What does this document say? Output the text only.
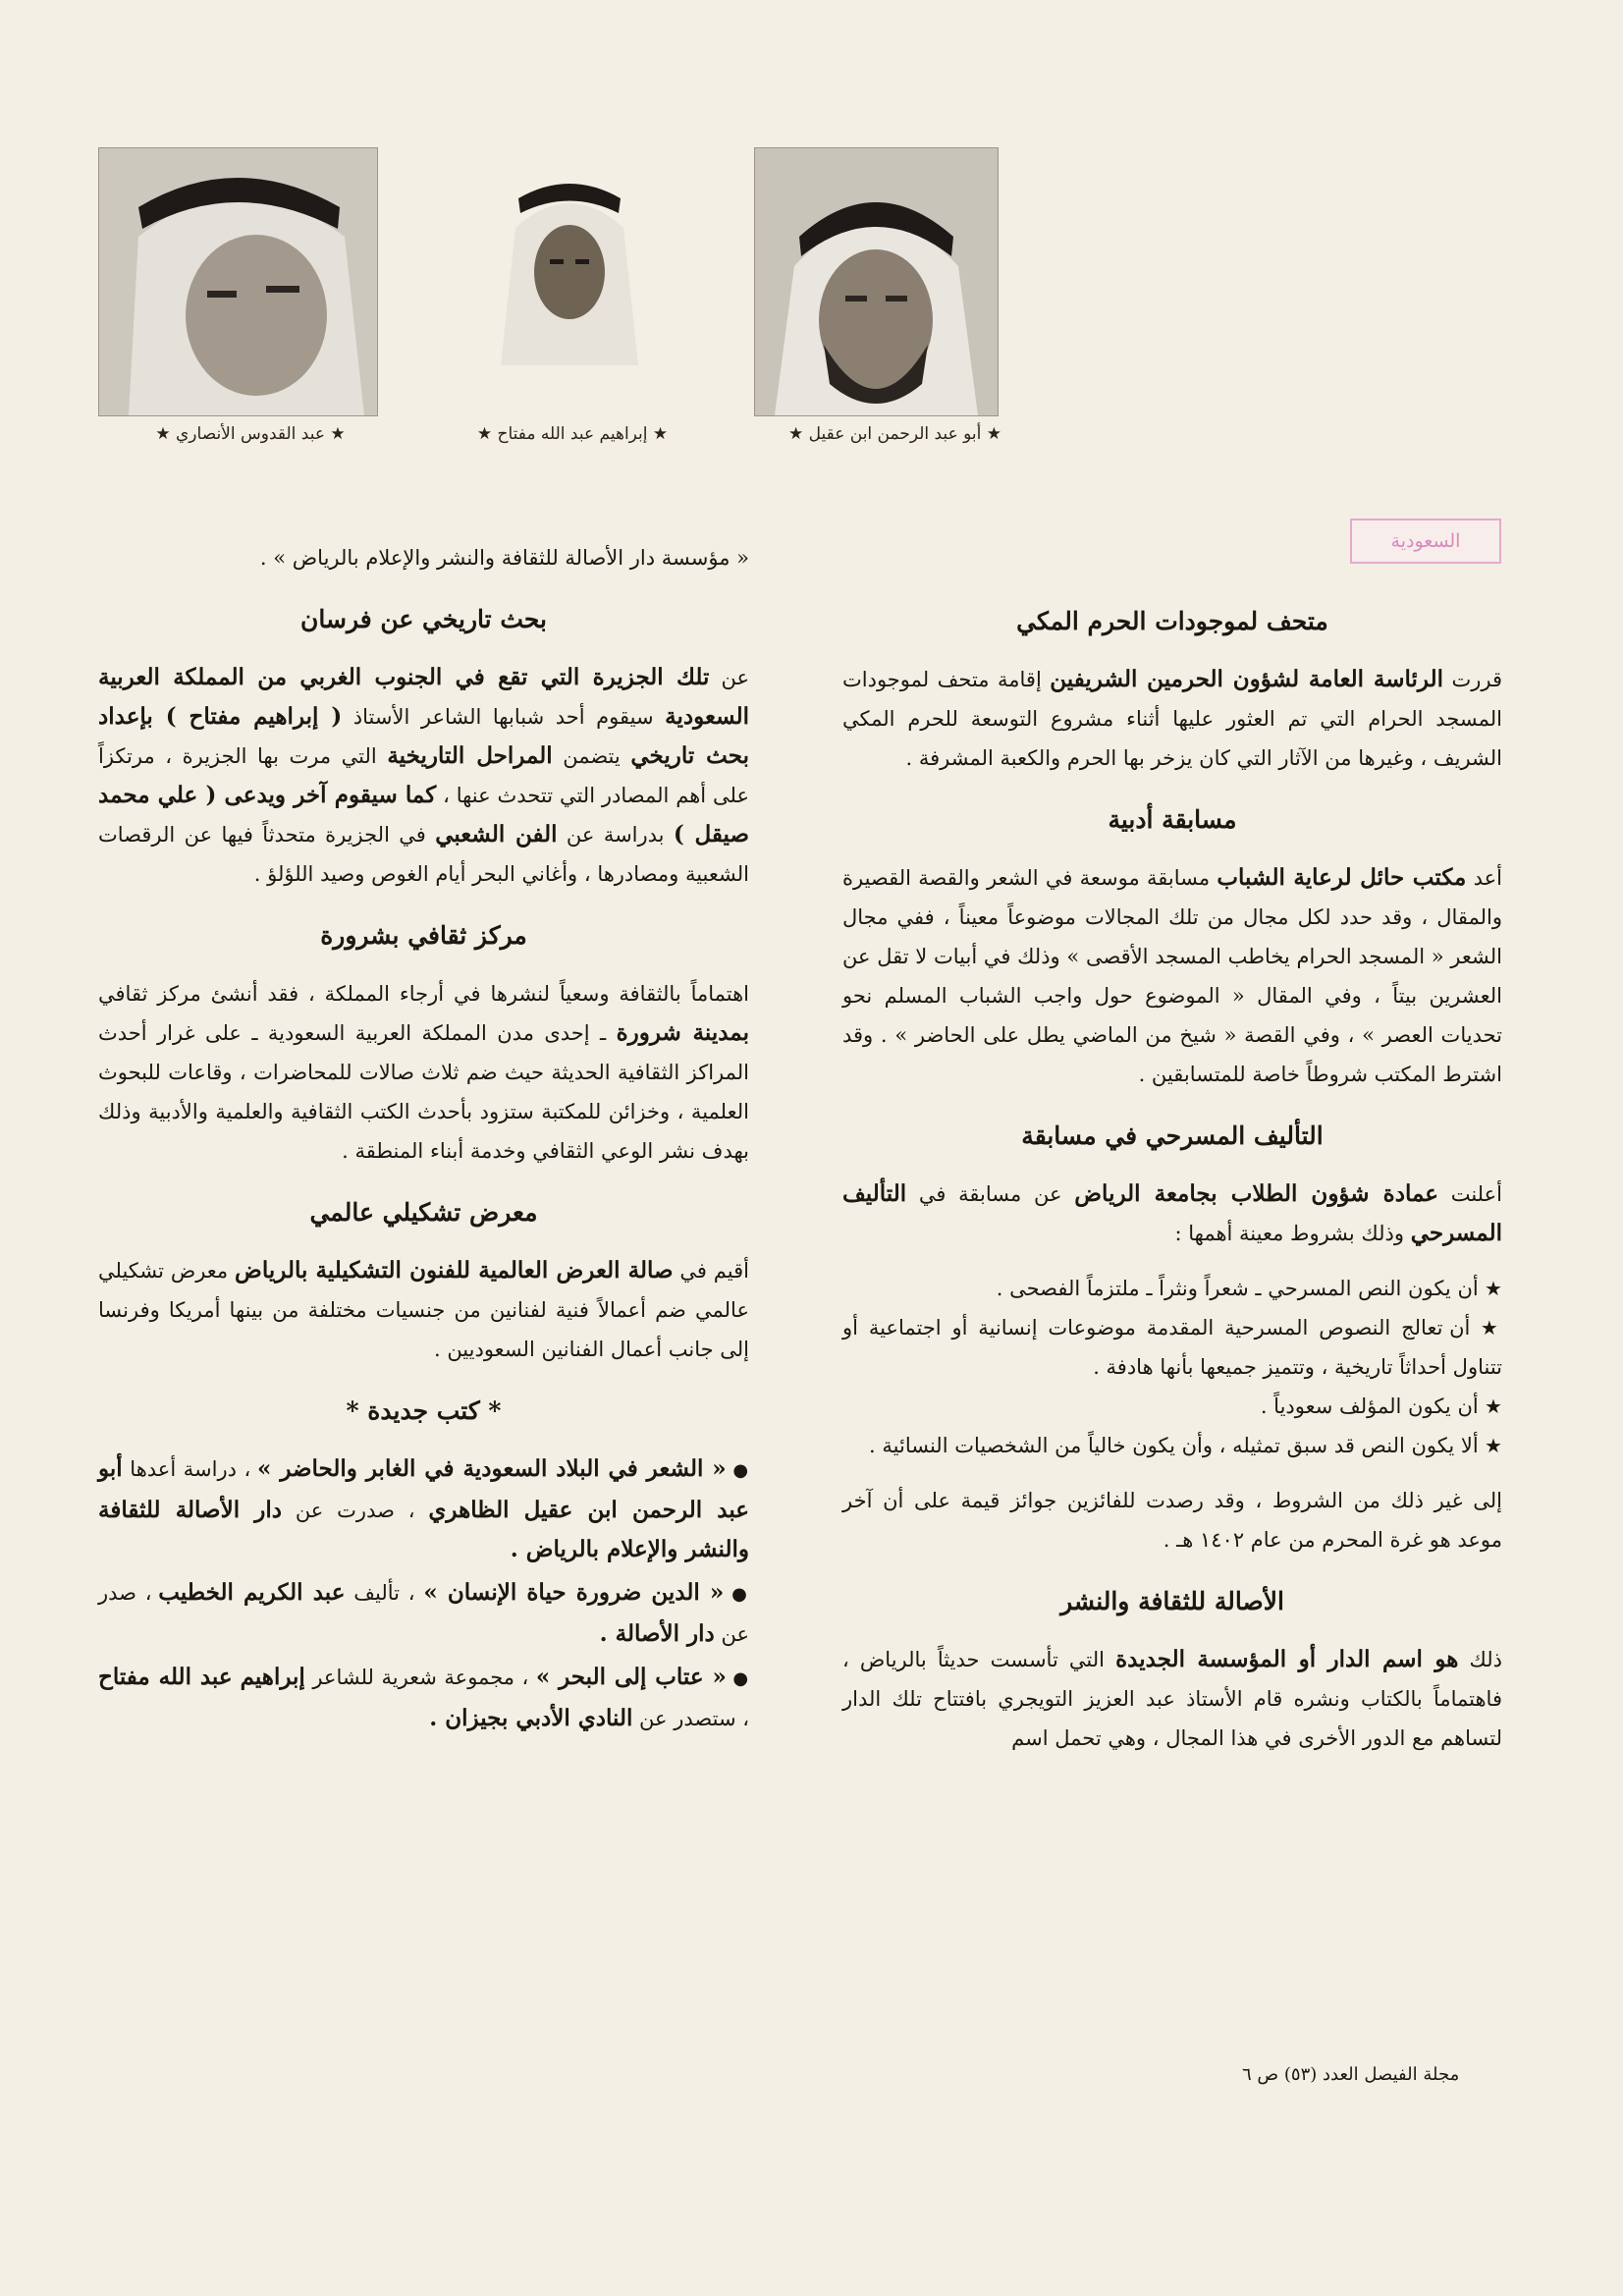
★ أبو عبد الرحمن ابن عقيل ★
★ إبراهيم عبد الله مفتاح ★
★ عبد القدوس الأنصاري ★
السعودية
متحف لموجودات الحرم المكي

قررت الرئاسة العامة لشؤون الحرمين الشريفين إقامة متحف لموجودات المسجد الحرام التي تم العثور عليها أثناء مشروع التوسعة للحرم المكي الشريف ، وغيرها من الآثار التي كان يزخر بها الحرم والكعبة المشرفة .

مسابقة أدبية

أعد مكتب حائل لرعاية الشباب مسابقة موسعة في الشعر والقصة القصيرة والمقال ، وقد حدد لكل مجال من تلك المجالات موضوعاً معيناً ، ففي مجال الشعر « المسجد الحرام يخاطب المسجد الأقصى » وذلك في أبيات لا تقل عن العشرين بيتاً ، وفي المقال « الموضوع حول واجب الشباب المسلم نحو تحديات العصر » ، وفي القصة « شيخ من الماضي يطل على الحاضر » . وقد اشترط المكتب شروطاً خاصة للمتسابقين .

التأليف المسرحي في مسابقة

أعلنت عمادة شؤون الطلاب بجامعة الرياض عن مسابقة في التأليف المسرحي وذلك بشروط معينة أهمها :

★ أن يكون النص المسرحي ـ شعراً ونثراً ـ ملتزماً الفصحى .
★ أن تعالج النصوص المسرحية المقدمة موضوعات إنسانية أو اجتماعية أو تتناول أحداثاً تاريخية ، وتتميز جميعها بأنها هادفة .
★ أن يكون المؤلف سعودياً .
★ ألا يكون النص قد سبق تمثيله ، وأن يكون خالياً من الشخصيات النسائية .

إلى غير ذلك من الشروط ، وقد رصدت للفائزين جوائز قيمة على أن آخر موعد هو غرة المحرم من عام ١٤٠٢ هـ .

الأصالة للثقافة والنشر

ذلك هو اسم الدار أو المؤسسة الجديدة التي تأسست حديثاً بالرياض ، فاهتماماً بالكتاب ونشره قام الأستاذ عبد العزيز التويجري بافتتاح تلك الدار لتساهم مع الدور الأخرى في هذا المجال ، وهي تحمل اسم

« مؤسسة دار الأصالة للثقافة والنشر والإعلام بالرياض » .

بحث تاريخي عن فرسان

عن تلك الجزيرة التي تقع في الجنوب الغربي من المملكة العربية السعودية سيقوم أحد شبابها الشاعر الأستاذ ( إبراهيم مفتاح ) بإعداد بحث تاريخي يتضمن المراحل التاريخية التي مرت بها الجزيرة ، مرتكزاً على أهم المصادر التي تتحدث عنها ، كما سيقوم آخر ويدعى ( علي محمد صيقل ) بدراسة عن الفن الشعبي في الجزيرة متحدثاً فيها عن الرقصات الشعبية ومصادرها ، وأغاني البحر أيام الغوص وصيد اللؤلؤ .

مركز ثقافي بشرورة

اهتماماً بالثقافة وسعياً لنشرها في أرجاء المملكة ، فقد أنشئ مركز ثقافي بمدينة شرورة ـ إحدى مدن المملكة العربية السعودية ـ على غرار أحدث المراكز الثقافية الحديثة حيث ضم ثلاث صالات للمحاضرات ، وقاعات للبحوث العلمية ، وخزائن للمكتبة ستزود بأحدث الكتب الثقافية والعلمية والأدبية وذلك بهدف نشر الوعي الثقافي وخدمة أبناء المنطقة .

معرض تشكيلي عالمي

أقيم في صالة العرض العالمية للفنون التشكيلية بالرياض معرض تشكيلي عالمي ضم أعمالاً فنية لفنانين من جنسيات مختلفة من بينها أمريكا وفرنسا إلى جانب أعمال الفنانين السعوديين .

* كتب جديدة *
● « الشعر في البلاد السعودية في الغابر والحاضر » ، دراسة أعدها أبو عبد الرحمن ابن عقيل الظاهري ، صدرت عن دار الأصالة للثقافة والنشر والإعلام بالرياض .
● « الدين ضرورة حياة الإنسان » ، تأليف عبد الكريم الخطيب ، صدر عن دار الأصالة .
● « عتاب إلى البحر » ، مجموعة شعرية للشاعر إبراهيم عبد الله مفتاح ، ستصدر عن النادي الأدبي بجيزان .
مجلة الفيصل العدد (٥٣) ص ٦
